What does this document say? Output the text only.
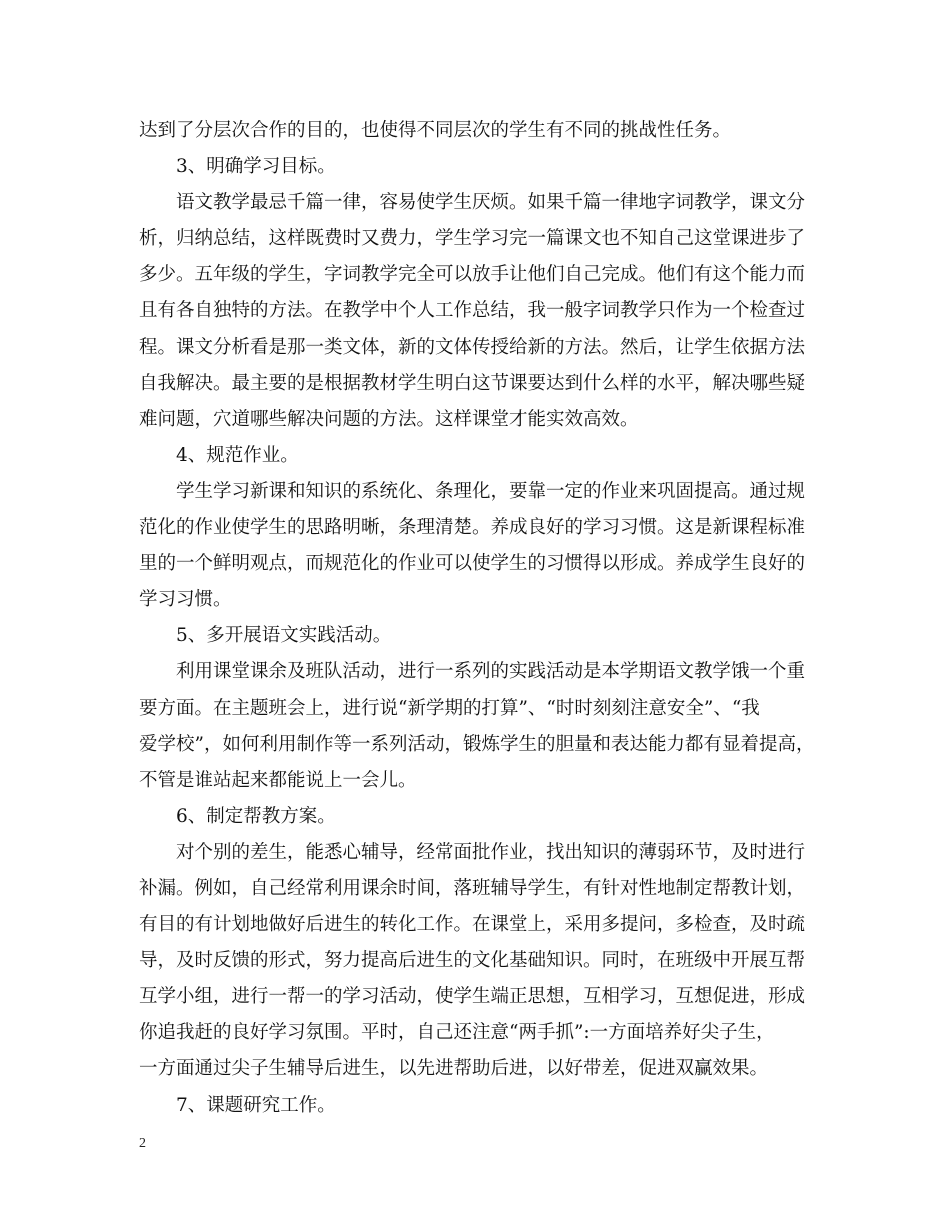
达到了分层次合作的目的，也使得不同层次的学生有不同的挑战性任务。
3、明确学习目标。
语文教学最忌千篇一律，容易使学生厌烦。如果千篇一律地字词教学，课文分
析，归纳总结，这样既费时又费力，学生学习完一篇课文也不知自己这堂课进步了
多少。五年级的学生，字词教学完全可以放手让他们自己完成。他们有这个能力而
且有各自独特的方法。在教学中个人工作总结，我一般字词教学只作为一个检查过
程。课文分析看是那一类文体，新的文体传授给新的方法。然后，让学生依据方法
自我解决。最主要的是根据教材学生明白这节课要达到什么样的水平，解决哪些疑
难问题，穴道哪些解决问题的方法。这样课堂才能实效高效。
4、规范作业。
学生学习新课和知识的系统化、条理化，要靠一定的作业来巩固提高。通过规
范化的作业使学生的思路明晰，条理清楚。养成良好的学习习惯。这是新课程标准
里的一个鲜明观点，而规范化的作业可以使学生的习惯得以形成。养成学生良好的
学习习惯。
5、多开展语文实践活动。
利用课堂课余及班队活动，进行一系列的实践活动是本学期语文教学饿一个重
要方面。在主题班会上，进行说“新学期的打算”、“时时刻刻注意安全”、“我
爱学校”，如何利用制作等一系列活动，锻炼学生的胆量和表达能力都有显着提高，
不管是谁站起来都能说上一会儿。
6、制定帮教方案。
对个别的差生，能悉心辅导，经常面批作业，找出知识的薄弱环节，及时进行
补漏。例如，自己经常利用课余时间，落班辅导学生，有针对性地制定帮教计划，
有目的有计划地做好后进生的转化工作。在课堂上，采用多提问，多检查，及时疏
导，及时反馈的形式，努力提高后进生的文化基础知识。同时，在班级中开展互帮
互学小组，进行一帮一的学习活动，使学生端正思想，互相学习，互想促进，形成
你追我赶的良好学习氛围。平时，自己还注意“两手抓”:一方面培养好尖子生，
一方面通过尖子生辅导后进生，以先进帮助后进，以好带差，促进双赢效果。
7、课题研究工作。
2
